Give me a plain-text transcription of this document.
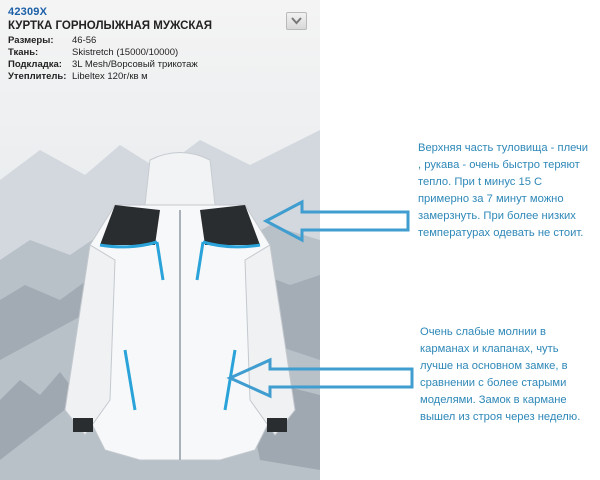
42309X
КУРТКА ГОРНОЛЫЖНАЯ МУЖСКАЯ
Размеры:	46-56
Ткань:	Skistretch (15000/10000)
Подкладка:	3L Mesh/Ворсовый трикотаж
Утеплитель: Libeltex 120г/кв м
Верхняя часть туловища - плечи , рукава - очень быстро теряют тепло. При t минус 15 С примерно за 7 минут можно замерзнуть. При более низких температурах одевать не стоит.
Очень слабые молнии в карманах и клапанах, чуть лучше на основном замке, в сравнении с более старыми моделями. Замок в кармане вышел из строя через неделю.
